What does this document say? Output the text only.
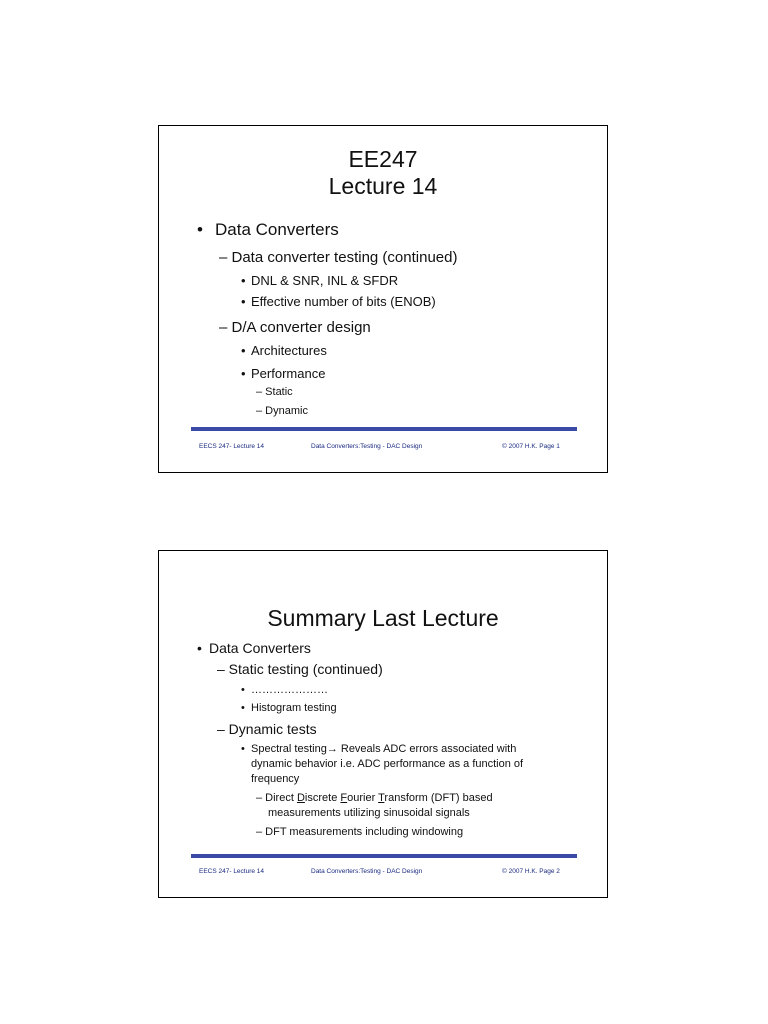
EE247

Lecture 14

• Data Converters
– Data converter testing (continued)
• DNL & SNR, INL & SFDR
• Effective number of bits (ENOB)
– D/A converter design
• Architectures
• Performance
– Static
– Dynamic
EECS 247- Lecture 14	Data Converters:Testing - DAC Design	© 2007 H.K. Page 1

Summary Last Lecture

• Data Converters
– Static testing (continued)
• …………………
• Histogram testing
– Dynamic tests
• Spectral testing→ Reveals ADC errors associated with
dynamic behavior i.e. ADC performance as a function of
frequency
– Direct Discrete Fourier Transform (DFT) based
measurements utilizing sinusoidal signals
– DFT measurements including windowing
EECS 247- Lecture 14	Data Converters:Testing - DAC Design	© 2007 H.K. Page 2
